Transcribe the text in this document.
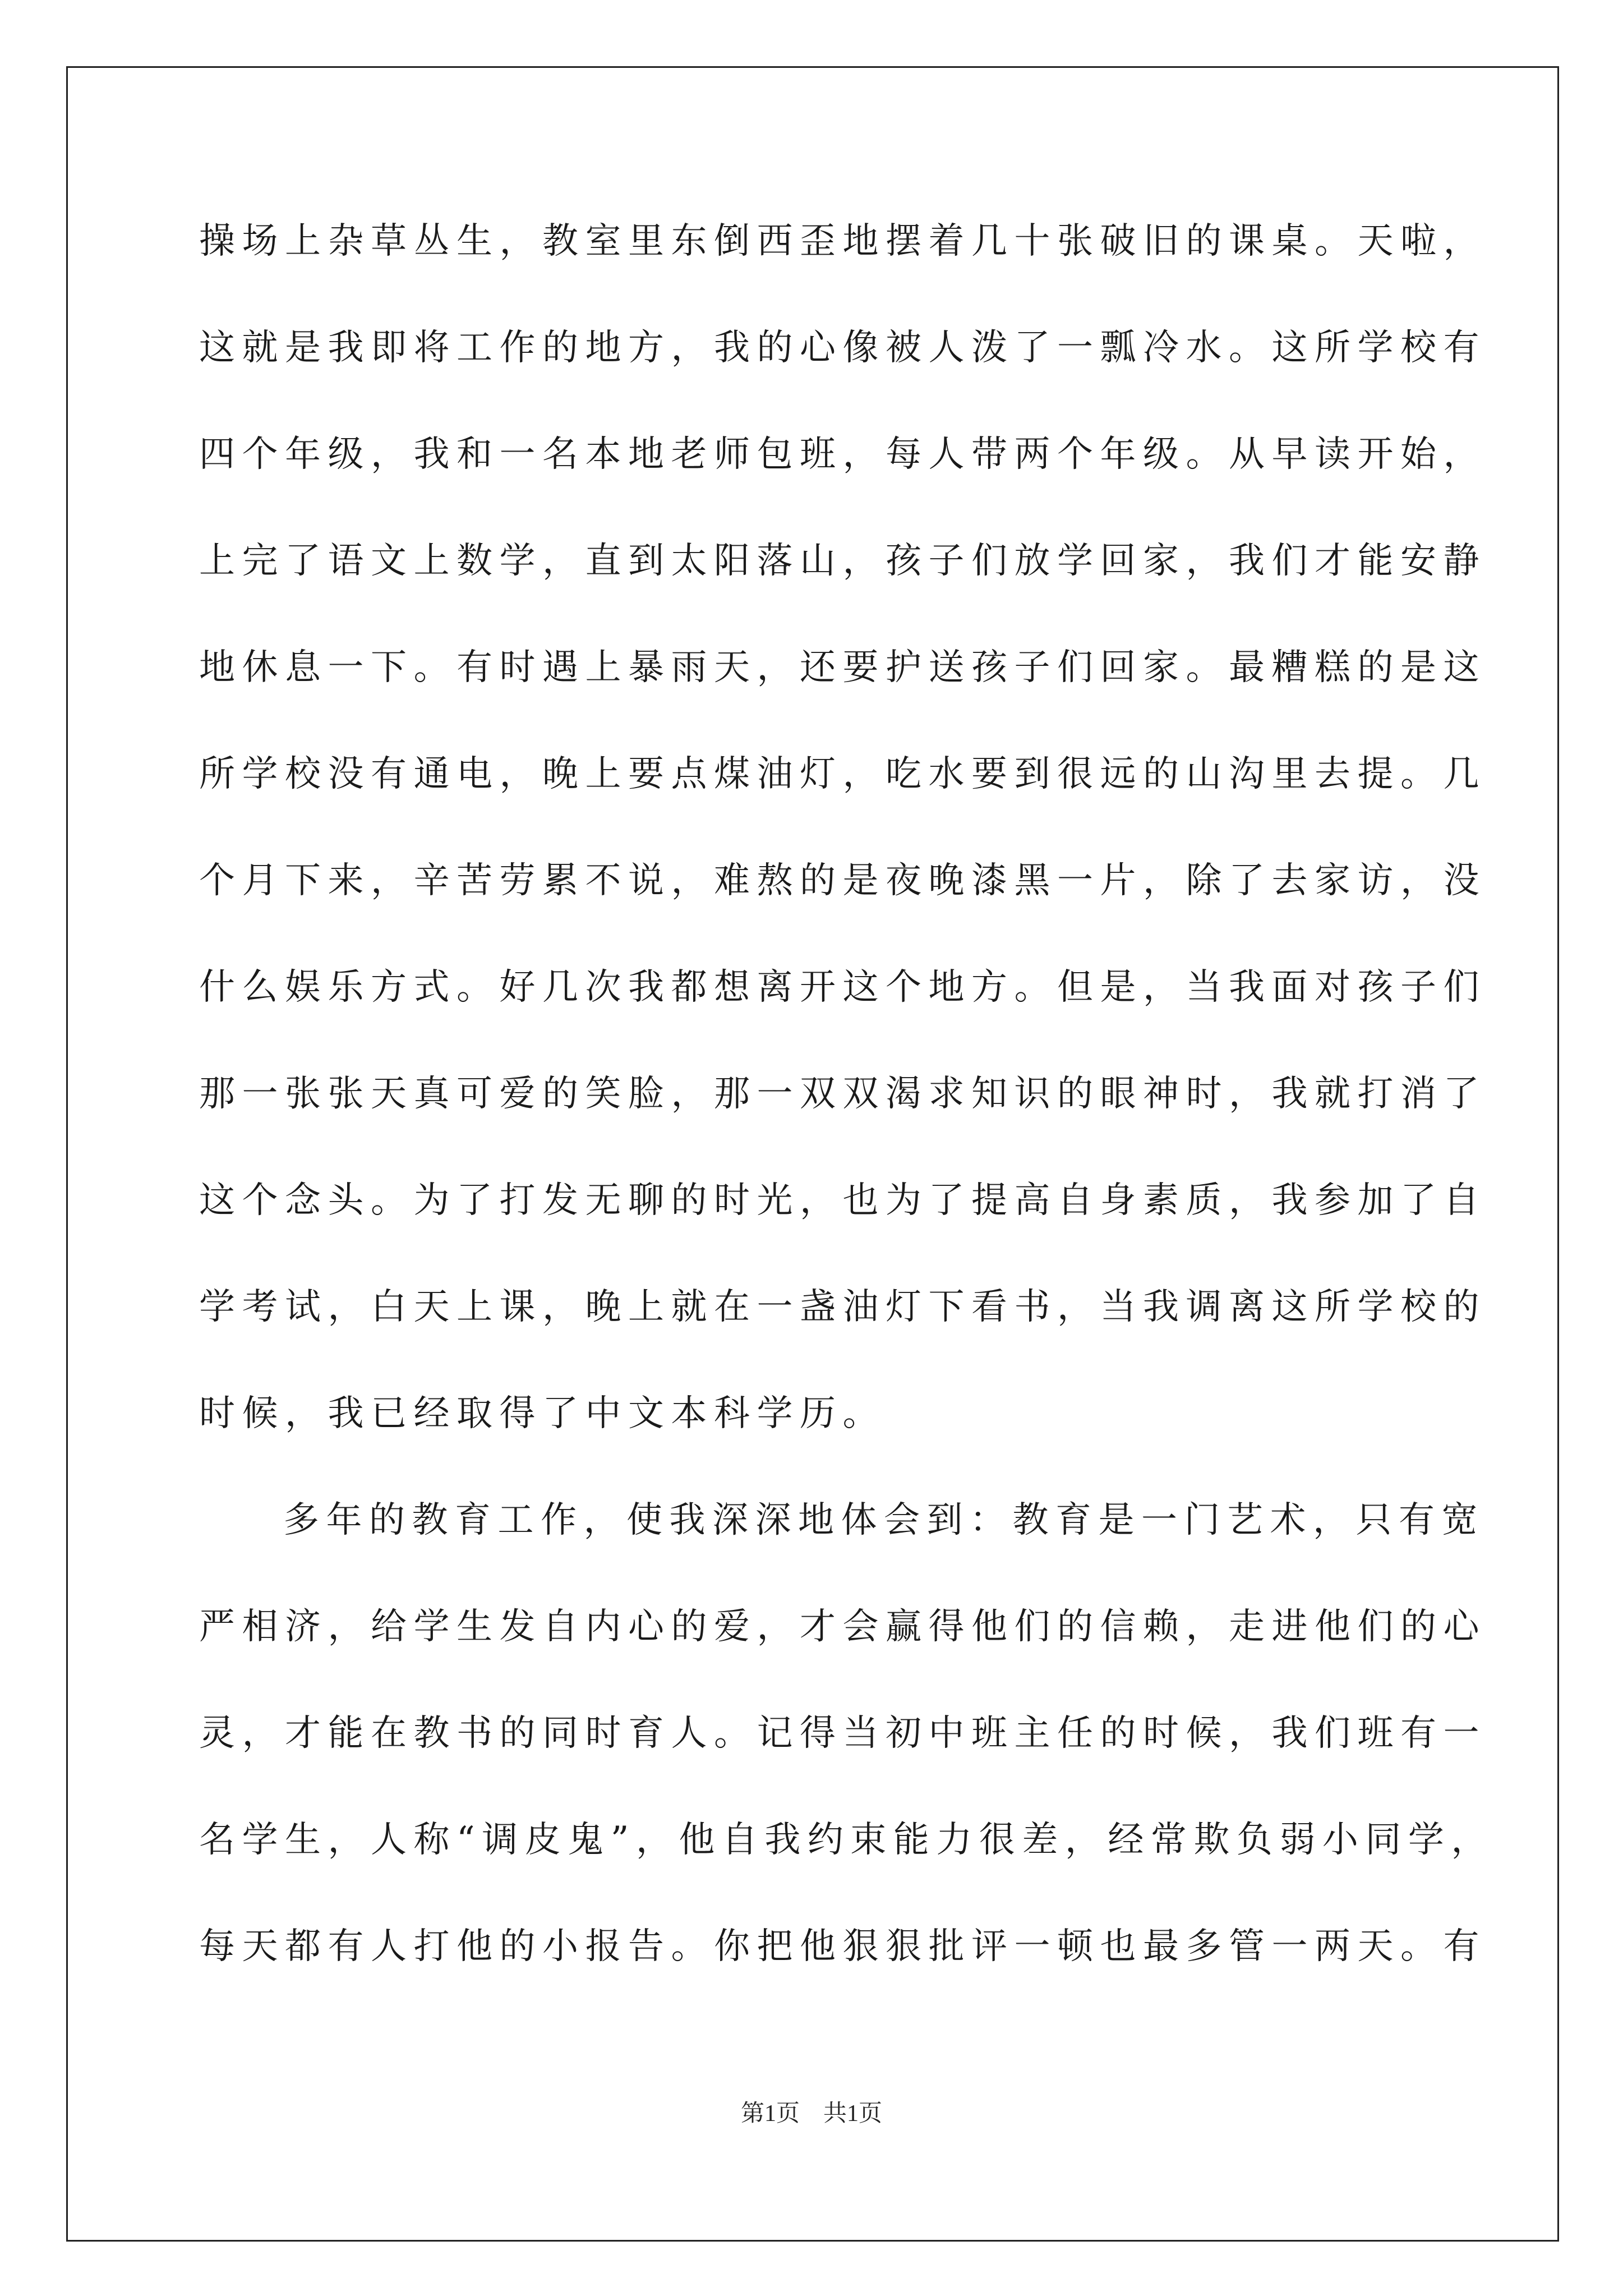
操场上杂草丛生，教室里东倒西歪地摆着几十张破旧的课桌。天啦，
这就是我即将工作的地方，我的心像被人泼了一瓢冷水。这所学校有
四个年级，我和一名本地老师包班，每人带两个年级。从早读开始，
上完了语文上数学，直到太阳落山，孩子们放学回家，我们才能安静
地休息一下。有时遇上暴雨天，还要护送孩子们回家。最糟糕的是这
所学校没有通电，晚上要点煤油灯，吃水要到很远的山沟里去提。几
个月下来，辛苦劳累不说，难熬的是夜晚漆黑一片，除了去家访，没
什么娱乐方式。好几次我都想离开这个地方。但是，当我面对孩子们
那一张张天真可爱的笑脸，那一双双渴求知识的眼神时，我就打消了
这个念头。为了打发无聊的时光，也为了提高自身素质，我参加了自
学考试，白天上课，晚上就在一盏油灯下看书，当我调离这所学校的
时候，我已经取得了中文本科学历。
多年的教育工作，使我深深地体会到：教育是一门艺术，只有宽
严相济，给学生发自内心的爱，才会赢得他们的信赖，走进他们的心
灵，才能在教书的同时育人。记得当初中班主任的时候，我们班有一
名学生，人称“调皮鬼”，他自我约束能力很差，经常欺负弱小同学，
每天都有人打他的小报告。你把他狠狠批评一顿也最多管一两天。有
第1页　共1页
